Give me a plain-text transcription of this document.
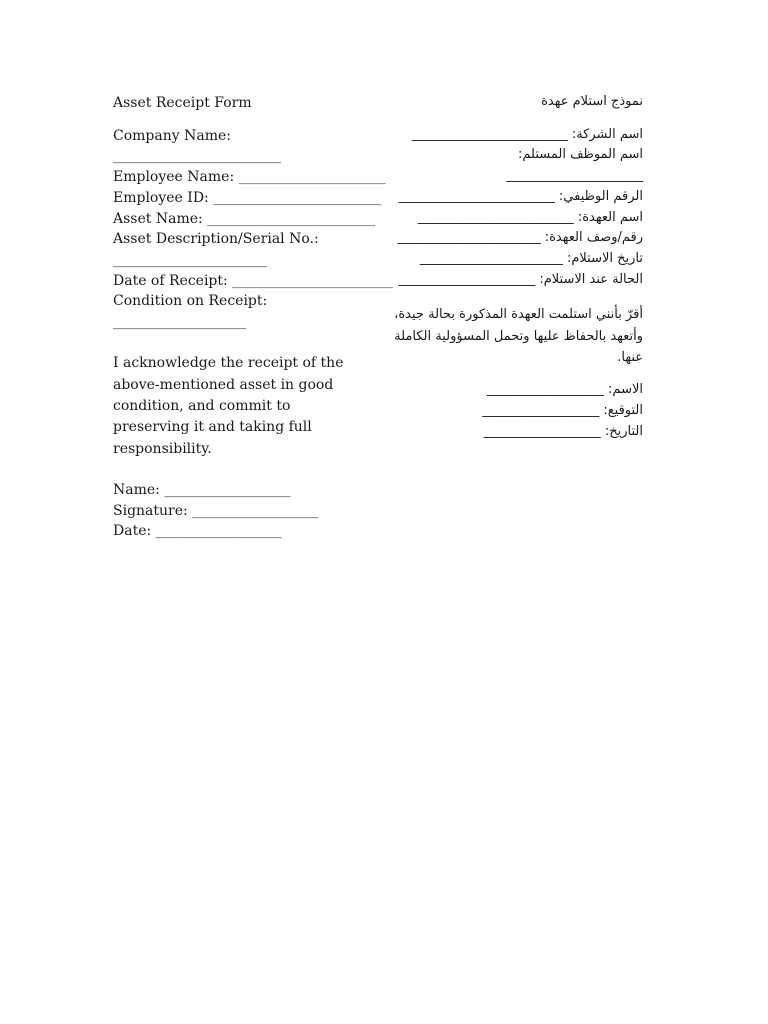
Asset Receipt Form
Company Name:
________________________
Employee Name: _____________________
Employee ID: ________________________
Asset Name: ________________________
Asset Description/Serial No.:
______________________
Date of Receipt: _______________________
Condition on Receipt:
___________________
I acknowledge the receipt of the above-mentioned asset in good condition, and commit to preserving it and taking full responsibility.
Name: __________________
Signature: __________________
Date: __________________
نموذج استلام عهدة
اسم الشركة: ________________________
اسم الموظف المستلم:
_____________________
الرقم الوظيفي: ________________________
اسم العهدة: ________________________
رقم/وصف العهدة: ______________________
تاريخ الاستلام: ______________________
الحالة عند الاستلام: _____________________
أقرّ بأنني استلمت العهدة المذكورة بحالة جيدة، وأتعهد بالحفاظ عليها وتحمل المسؤولية الكاملة عنها.
الاسم: __________________
التوقيع: __________________
التاريخ: __________________
